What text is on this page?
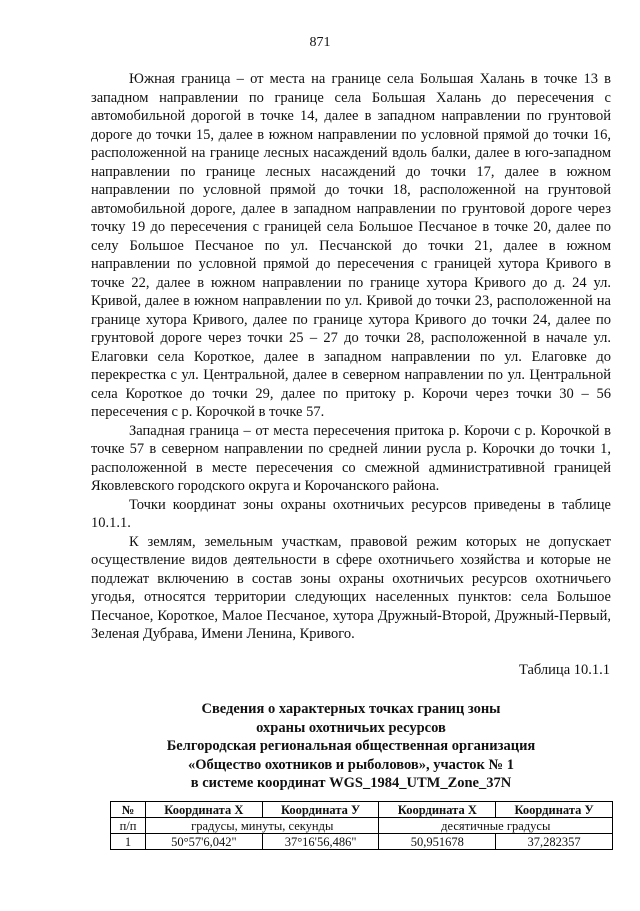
871

Южная граница – от места на границе села Большая Халань в точке 13 в западном направлении по границе села Большая Халань до пересечения с автомобильной дорогой в точке 14, далее в западном направлении по грунтовой дороге до точки 15, далее в южном направлении по условной прямой до точки 16, расположенной на границе лесных насаждений вдоль балки, далее в юго-западном направлении по границе лесных насаждений до точки 17, далее в южном направлении по условной прямой до точки 18, расположенной на грунтовой автомобильной дороге, далее в западном направлении по грунтовой дороге через точку 19 до пересечения с границей села Большое Песчаное в точке 20, далее по селу Большое Песчаное по ул. Песчанской до точки 21, далее в южном направлении по условной прямой до пересечения с границей хутора Кривого в точке 22, далее в южном направлении по границе хутора Кривого до д. 24 ул. Кривой, далее в южном направлении по ул. Кривой до точки 23, расположенной на границе хутора Кривого, далее по границе хутора Кривого до точки 24, далее по грунтовой дороге через точки 25 – 27 до точки 28, расположенной в начале ул. Елаговки села Короткое, далее в западном направлении по ул. Елаговке до перекрестка с ул. Центральной, далее в северном направлении по ул. Центральной села Короткое до точки 29, далее по притоку р. Корочи через точки 30 – 56 пересечения с р. Корочкой в точке 57.

Западная граница – от места пересечения притока р. Корочи с р. Корочкой в точке 57 в северном направлении по средней линии русла р. Корочки до точки 1, расположенной в месте пересечения со смежной административной границей Яковлевского городского округа и Корочанского района.

Точки координат зоны охраны охотничьих ресурсов приведены в таблице 10.1.1.

К землям, земельным участкам, правовой режим которых не допускает осуществление видов деятельности в сфере охотничьего хозяйства и которые не подлежат включению в состав зоны охраны охотничьих ресурсов охотничьего угодья, относятся территории следующих населенных пунктов: села Большое Песчаное, Короткое, Малое Песчаное, хутора Дружный-Второй, Дружный-Первый, Зеленая Дубрава, Имени Ленина, Кривого.

Таблица 10.1.1
Сведения о характерных точках границ зоны
охраны охотничьих ресурсов
Белгородская региональная общественная организация
«Общество охотников и рыболовов», участок № 1
в системе координат WGS_1984_UTM_Zone_37N
№	Координата X	Координата У	Координата X	Координата У
п/п	градусы, минуты, секунды		десятичные градусы	
1	50°57'6,042"	37°16'56,486"	50,951678	37,282357
